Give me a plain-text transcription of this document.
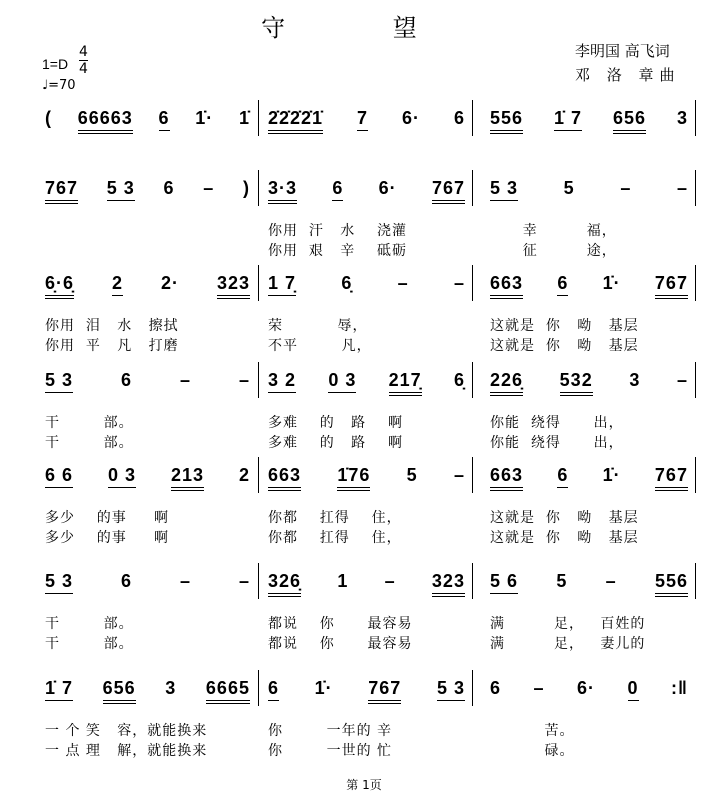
守 望
李明国 高飞词
邓 洛 章曲
1=D
4
4
♩=70
( 66663 6 1̇· 1̇ 2̇2̇2̇2̇1̇ 7 6· 6 556 1̇ 7 656 3
767 5 3 6 – ) 3·3 6 6· 767
你用  汗   水    浇灌
你用  艰   辛    砥砺
5 3	5	–	–
幸         福，
征         途，
6̣·6̣ 2 2· 323
你用  泪   水   擦拭
你用  平   凡   打磨
1 7̣	6̣	–	–
荣          辱，
不平        凡，
663 6 1̇· 767
这就是  你   呦   基层
这就是  你   呦   基层
5 3	6	–	–
干        部。
干        部。
3 2 0 3 217̣ 6̣
多难    的   路    啊
多难    的   路    啊
226̣ 532 3 –
你能  绕得      出，
你能  绕得      出，
6 6 0 3 213 2
多少    的事     啊
多少    的事     啊
663 1̇76 5 –
你都    扛得    住，
你都    扛得    住，
663 6 1̇· 767
这就是  你   呦   基层
这就是  你   呦   基层
5 3	6	–	–
干        部。
干        部。
326̣ 1 – 323
都说    你      最容易
都说    你      最容易
5 6 5 – 556
满         足，   百姓的
满         足，   妻儿的
1̇ 7 656 3 6665
一 个 笑   容，就能换来
一 点 理   解，就能换来
6 1̇· 767 5 3
你        一年的 辛
你        一世的 忙
6 – 6· 0 :‖
苦。
碌。
第 1页
